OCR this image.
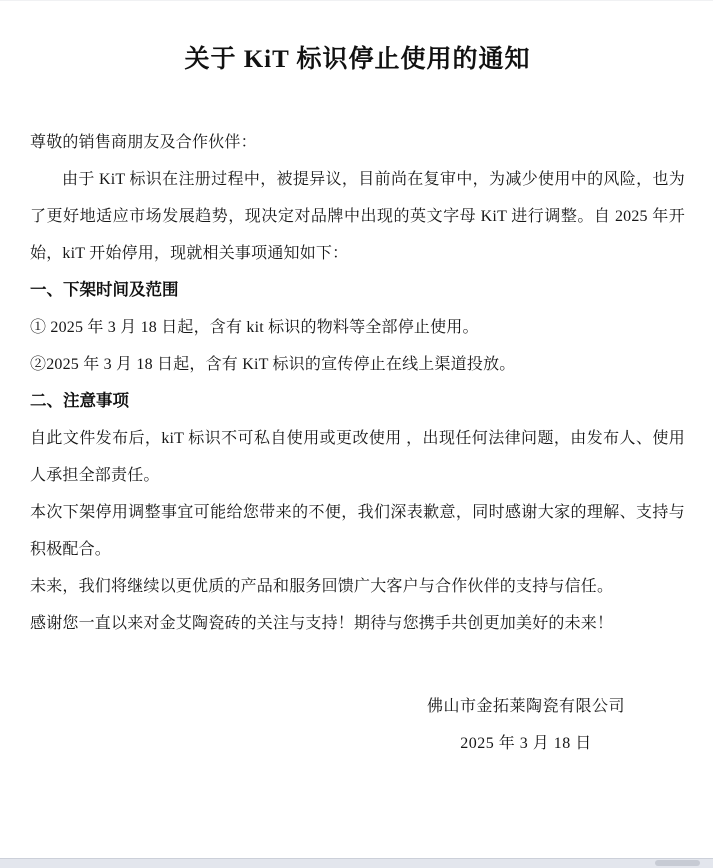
关于 KiT 标识停止使用的通知

尊敬的销售商朋友及合作伙伴：

由于 KiT 标识在注册过程中，被提异议，目前尚在复审中，为减少使用中的风险，也为了更好地适应市场发展趋势，现决定对品牌中出现的英文字母 KiT 进行调整。自 2025 年开始，kiT 开始停用，现就相关事项通知如下：

一、下架时间及范围

① 2025 年 3 月 18 日起，含有 kit 标识的物料等全部停止使用。

②2025 年 3 月 18 日起，含有 KiT 标识的宣传停止在线上渠道投放。

二、注意事项

自此文件发布后，kiT 标识不可私自使用或更改使用 ，出现任何法律问题，由发布人、使用人承担全部责任。

本次下架停用调整事宜可能给您带来的不便，我们深表歉意，同时感谢大家的理解、支持与积极配合。

未来，我们将继续以更优质的产品和服务回馈广大客户与合作伙伴的支持与信任。

感谢您一直以来对金艾陶瓷砖的关注与支持！期待与您携手共创更加美好的未来！

佛山市金拓莱陶瓷有限公司
2025 年 3 月 18 日
